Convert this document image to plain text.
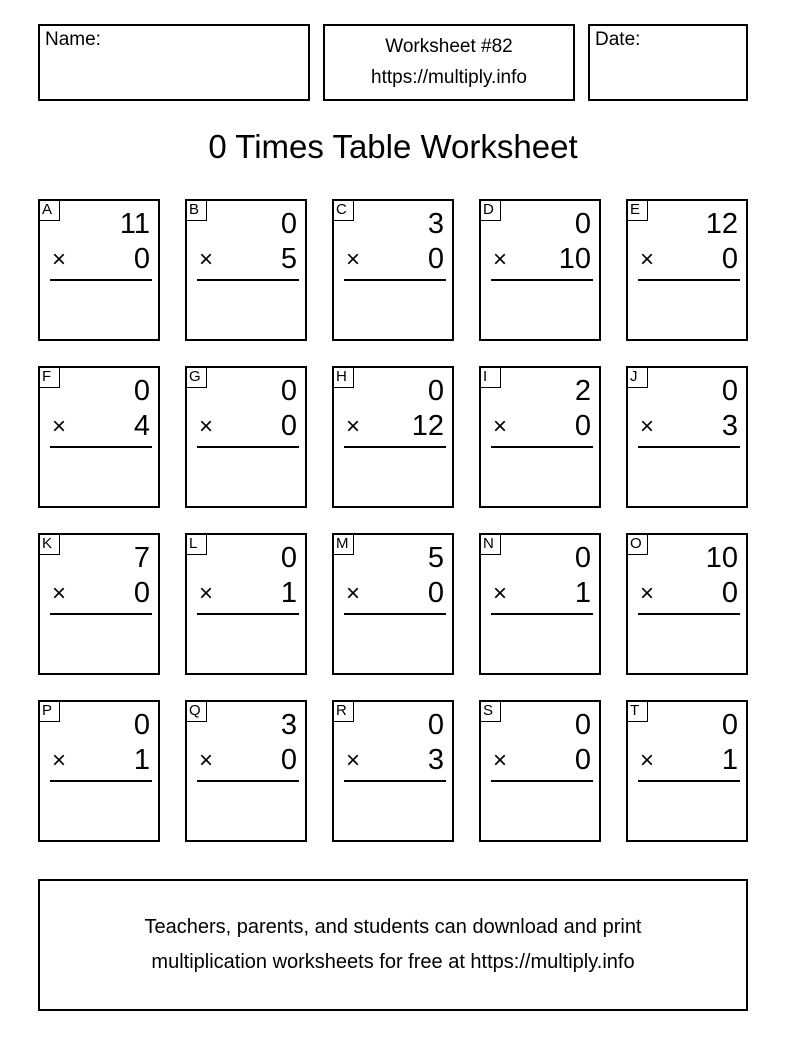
Name:	Worksheet #82
https://multiply.info
Date:
0 Times Table Worksheet
A 11
× 0
B	0
× 5
C	3
× 0
D	0
× 10
E 12
× 0
F	0
× 4
G	0
× 0
H	0
× 12
I	2
× 0
J	0
× 3
K	7
× 0
L	0
× 1
M	5
× 0
N	0
× 1
O 10
× 0
P	0
× 1
Q	3
× 0
R	0
× 3
S	0
× 0
T	0
× 1
Teachers, parents, and students can download and print
multiplication worksheets for free at https://multiply.info
